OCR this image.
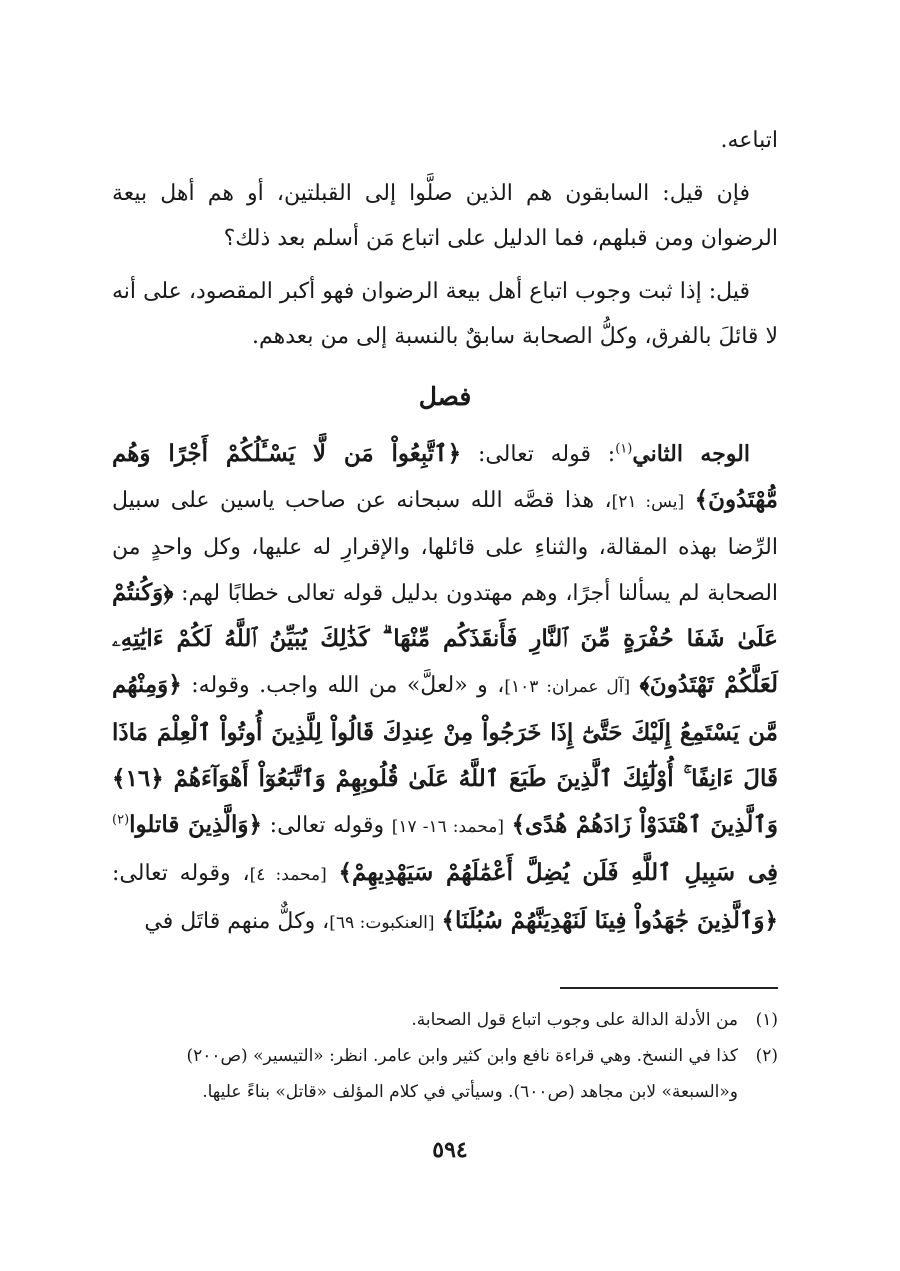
اتباعه.

فإن قيل: السابقون هم الذين صلَّوا إلى القبلتين، أو هم أهل بيعة الرضوان ومن قبلهم، فما الدليل على اتباع مَن أسلم بعد ذلك؟

قيل: إذا ثبت وجوب اتباع أهل بيعة الرضوان فهو أكبر المقصود، على أنه لا قائلَ بالفرق، وكلُّ الصحابة سابقٌ بالنسبة إلى من بعدهم.

فصل

الوجه الثاني$^{(١)}$: قوله تعالى: ﴿ٱتَّبِعُواْ مَن لَّا يَسْـَٔلُكُمْ أَجْرًا وَهُم مُّهْتَدُونَ﴾ [يس: ٢١]، هذا قصَّه الله سبحانه عن صاحب ياسين على سبيل الرِّضا بهذه المقالة، والثناءِ على قائلها، والإقرارِ له عليها، وكل واحدٍ من الصحابة لم يسألنا أجرًا، وهم مهتدون بدليل قوله تعالى خطابًا لهم: ﴿وَكُنتُمْ عَلَىٰ شَفَا حُفْرَةٍ مِّنَ ٱلنَّارِ فَأَنقَذَكُم مِّنْهَا ۗ كَذَٰلِكَ يُبَيِّنُ ٱللَّهُ لَكُمْ ءَايَٰتِهِۦ لَعَلَّكُمْ تَهْتَدُونَ﴾ [آل عمران: ١٠٣]، و «لعلَّ» من الله واجب. وقوله: ﴿وَمِنْهُم مَّن يَسْتَمِعُ إِلَيْكَ حَتَّىٰٓ إِذَا خَرَجُواْ مِنْ عِندِكَ قَالُواْ لِلَّذِينَ أُوتُواْ ٱلْعِلْمَ مَاذَا قَالَ ءَانِفًا ۚ أُوْلَٰٓئِكَ ٱلَّذِينَ طَبَعَ ٱللَّهُ عَلَىٰ قُلُوبِهِمْ وَٱتَّبَعُوٓاْ أَهْوَآءَهُمْ ﴿١٦﴾ وَٱلَّذِينَ ٱهْتَدَوْاْ زَادَهُمْ هُدًى﴾ [محمد: ١٦- ١٧] وقوله تعالى: ﴿وَالَّذِينَ قاتلوا$^{(٢)}$ فِى سَبِيلِ ٱللَّهِ فَلَن يُضِلَّ أَعْمَٰلَهُمْ سَيَهْدِيهِمْ﴾ [محمد: ٤]، وقوله تعالى: ﴿وَٱلَّذِينَ جَٰهَدُواْ فِينَا لَنَهْدِيَنَّهُمْ سُبُلَنَا﴾ [العنكبوت: ٦٩]، وكلٌّ منهم قاتَل في

(١)من الأدلة الدالة على وجوب اتباع قول الصحابة.

(٢)كذا في النسخ. وهي قراءة نافع وابن كثير وابن عامر. انظر: «التيسير» (ص٢٠٠)

و«السبعة» لابن مجاهد (ص٦٠٠). وسيأتي في كلام المؤلف «قاتل» بناءً عليها.

٥٩٤
